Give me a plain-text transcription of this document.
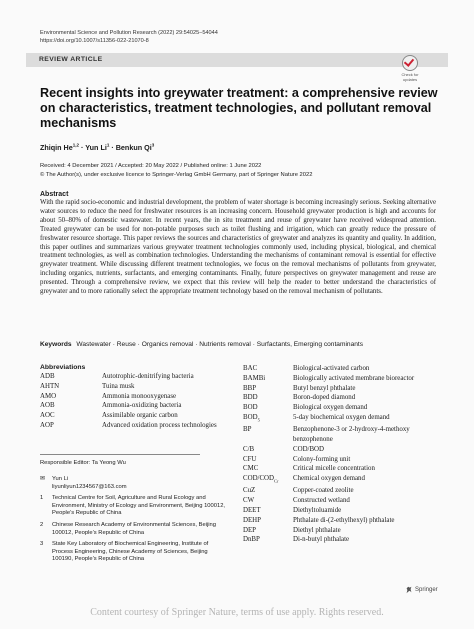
Environmental Science and Pollution Research (2022) 29:54025–54044
https://doi.org/10.1007/s11356-022-21070-8
REVIEW ARTICLE
Check for
updates
Recent insights into greywater treatment: a comprehensive review on characteristics, treatment technologies, and pollutant removal mechanisms
Zhiqin He$^{1,2}$ · Yun $Li^1$ · Benkun Qi$^3$
Received: 4 December 2021 / Accepted: 20 May 2022 / Published online: 1 June 2022
© The Author(s), under exclusive licence to Springer-Verlag GmbH Germany, part of Springer Nature 2022
Abstract
With the rapid socio-economic and industrial development, the problem of water shortage is becoming increasingly serious. Seeking alternative water sources to reduce the need for freshwater resources is an increasing concern. Household greywater production is high and accounts for about 50–80% of domestic wastewater. In recent years, the in situ treatment and reuse of greywater have received widespread attention. Treated greywater can be used for non-potable purposes such as toilet flushing and irrigation, which can greatly reduce the pressure of freshwater resource shortage. This paper reviews the sources and characteristics of greywater and analyzes its quantity and quality. In addition, this paper outlines and summarizes various greywater treatment technologies commonly used, including physical, biological, and chemical treatment technologies, as well as combination technologies. Understanding the mechanisms of contaminant removal is essential for effective greywater treatment. While discussing different treatment technologies, we focus on the removal mechanisms of pollutants from greywater, including organics, nutrients, surfactants, and emerging contaminants. Finally, future perspectives on greywater management and reuse are presented. Through a comprehensive review, we expect that this review will help the reader to better understand the characteristics of greywater and to more rationally select the appropriate treatment technology based on the removal mechanism of pollutants.
Keywords Wastewater · Reuse · Organics removal · Nutrients removal · Surfactants, Emerging contaminants
Abbreviations
ADB	Autotrophic-denitrifying bacteria
AHTN	Tuina musk
AMO	Ammonia monooxygenase
AOB	Ammonia-oxidizing bacteria
AOC	Assimilable organic carbon
AOP	Advanced oxidation process technologies
BAC	Biological-activated carbon
BAMBi	Biologically activated membrane bioreactor
BBP	Butyl benzyl phthalate
BDD	Boron-doped diamond
BOD	Biological oxygen demand
$BOD_5$	5-day biochemical oxygen demand
BP	Benzophenone-3 or 2-hydroxy-4-methoxy benzophenone
C/B	COD/BOD
CFU	Colony-forming unit
CMC	Critical micelle concentration
COD/$COD_{Cr}$	Chemical oxygen demand
CuZ	Copper-coated zeolite
CW	Constructed wetland
DEET	Diethyltoluamide
DEHP	Phthalate di-(2-ethylhexyl) phthalate
DEP	Diethyl phthalate
DnBP	Di-n-butyl phthalate
Responsible Editor: Ta Yeong Wu
✉	Yun Li
liyunliyun1234567@163.com
1	Technical Centre for Soil, Agriculture and Rural Ecology and Environment, Ministry of Ecology and Environment, Beijing 100012, People’s Republic of China
2	Chinese Research Academy of Environmental Sciences, Beijing 100012, People’s Republic of China
3	State Key Laboratory of Biochemical Engineering, Institute of Process Engineering, Chinese Academy of Sciences, Beijing 100190, People’s Republic of China
Springer
Content courtesy of Springer Nature, terms of use apply. Rights reserved.
